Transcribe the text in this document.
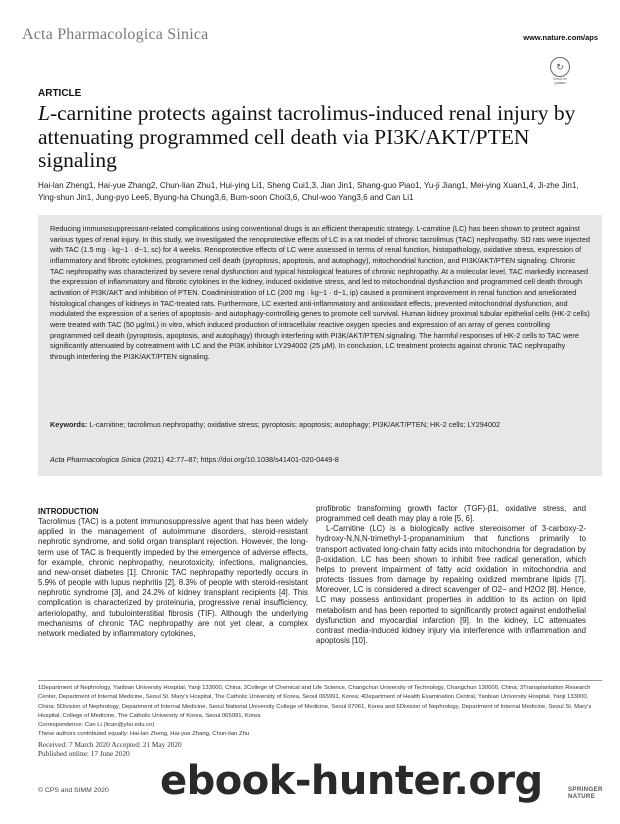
Acta Pharmacologica Sinica	www.nature.com/aps
↻
Check for updates
ARTICLE
L-carnitine protects against tacrolimus-induced renal injury by attenuating programmed cell death via PI3K/AKT/PTEN signaling
Hai-lan Zheng1, Hai-yue Zhang2, Chun-lian Zhu1, Hui-ying Li1, Sheng Cui1,3, Jian Jin1, Shang-guo Piao1, Yu-ji Jiang1, Mei-ying Xuan1,4, Ji-zhe Jin1, Ying-shun Jin1, Jung-pyo Lee5, Byung-ha Chung3,6, Bum-soon Choi3,6, Chul-woo Yang3,6 and Can Li1
Reducing immunosuppressant-related complications using conventional drugs is an efficient therapeutic strategy. L-carnitine (LC) has been shown to protect against various types of renal injury. In this study, we investigated the renoprotective effects of LC in a rat model of chronic tacrolimus (TAC) nephropathy. SD rats were injected with TAC (1.5 mg · kg−1 · d−1, sc) for 4 weeks. Renoprotective effects of LC were assessed in terms of renal function, histopathology, oxidative stress, expression of inflammatory and fibrotic cytokines, programmed cell death (pyroptosis, apoptosis, and autophagy), mitochondrial function, and PI3K/AKT/PTEN signaling. Chronic TAC nephropathy was characterized by severe renal dysfunction and typical histological features of chronic nephropathy. At a molecular level, TAC markedly increased the expression of inflammatory and fibrotic cytokines in the kidney, induced oxidative stress, and led to mitochondrial dysfunction and programmed cell death through activation of PI3K/AKT and inhibition of PTEN. Coadministration of LC (200 mg · kg−1 · d−1, ip) caused a prominent improvement in renal function and ameliorated histological changes of kidneys in TAC-treated rats. Furthermore, LC exerted anti-inflammatory and antioxidant effects, prevented mitochondrial dysfunction, and modulated the expression of a series of apoptosis- and autophagy-controlling genes to promote cell survival. Human kidney proximal tubular epithelial cells (HK-2 cells) were treated with TAC (50 μg/mL) in vitro, which induced production of intracellular reactive oxygen species and expression of an array of genes controlling programmed cell death (pyroptosis, apoptosis, and autophagy) through interfering with PI3K/AKT/PTEN signaling. The harmful responses of HK-2 cells to TAC were significantly attenuated by cotreatment with LC and the PI3K inhibitor LY294002 (25 μM). In conclusion, LC treatment protects against chronic TAC nephropathy through interfering the PI3K/AKT/PTEN signaling.
Keywords: L-carnitine; tacrolimus nephropathy; oxidative stress; pyroptosis; apoptosis; autophagy; PI3K/AKT/PTEN; HK-2 cells; LY294002
Acta Pharmacologica Sinica (2021) 42:77–87; https://doi.org/10.1038/s41401-020-0449-8
INTRODUCTION

Tacrolimus (TAC) is a potent immunosuppressive agent that has been widely applied in the management of autoimmune disorders, steroid-resistant nephrotic syndrome, and solid organ transplant rejection. However, the long-term use of TAC is frequently impeded by the emergence of adverse effects, for example, chronic nephropathy, neurotoxicity, infections, malignancies, and new-onset diabetes [1]. Chronic TAC nephropathy reportedly occurs in 5.9% of people with lupus nephritis [2], 8.3% of people with steroid-resistant nephrotic syndrome [3], and 24.2% of kidney transplant recipients [4]. This complication is characterized by proteinuria, progressive renal insufficiency, arteriolopathy, and tubulointerstitial fibrosis (TIF). Although the underlying mechanisms of chronic TAC nephropathy are not yet clear, a complex network mediated by inflammatory cytokines,

profibrotic transforming growth factor (TGF)-β1, oxidative stress, and programmed cell death may play a role [5, 6].

L-Carnitine (LC) is a biologically active stereoisomer of 3-carboxy-2-hydroxy-N,N,N-trimethyl-1-propanaminium that functions primarily to transport activated long-chain fatty acids into mitochondria for degradation by β-oxidation. LC has been shown to inhibit free radical generation, which helps to prevent impairment of fatty acid oxidation in mitochondria and protects tissues from damage by repairing oxidized membrane lipids [7]. Moreover, LC is considered a direct scavenger of O2− and H2O2 [8]. Hence, LC may possess antioxidant properties in addition to its action on lipid metabolism and has been reported to significantly protect against endothelial dysfunction and myocardial infarction [9]. In the kidney, LC attenuates contrast media-induced kidney injury via interference with inflammation and apoptosis [10].

1Department of Nephrology, Yanbian University Hospital, Yanji 133000, China; 2College of Chemical and Life Science, Changchun University of Technology, Changchun 130000, China; 3Transplantation Research Center, Department of Internal Medicine, Seoul St. Mary's Hospital, The Catholic University of Korea, Seoul 065991, Korea; 4Department of Health Examination Central, Yanbian University Hospital, Yanji 133000, China; 5Division of Nephrology, Department of Internal Medicine, Seoul National University College of Medicine, Seoul 07061, Korea and 6Division of Nephrology, Department of Internal Medicine, Seoul St. Mary's Hospital, College of Medicine, The Catholic University of Korea, Seoul 065991, Korea
Correspondence: Can Li (lican@ybu.edu.cn)
These authors contributed equally: Hai-lan Zheng, Hai-yue Zhang, Chun-lian Zhu
Received: 7 March 2020 Accepted: 21 May 2020
Published online: 17 June 2020
© CPS and SIMM 2020 ebook-hunter.org	SPRINGER NATURE
